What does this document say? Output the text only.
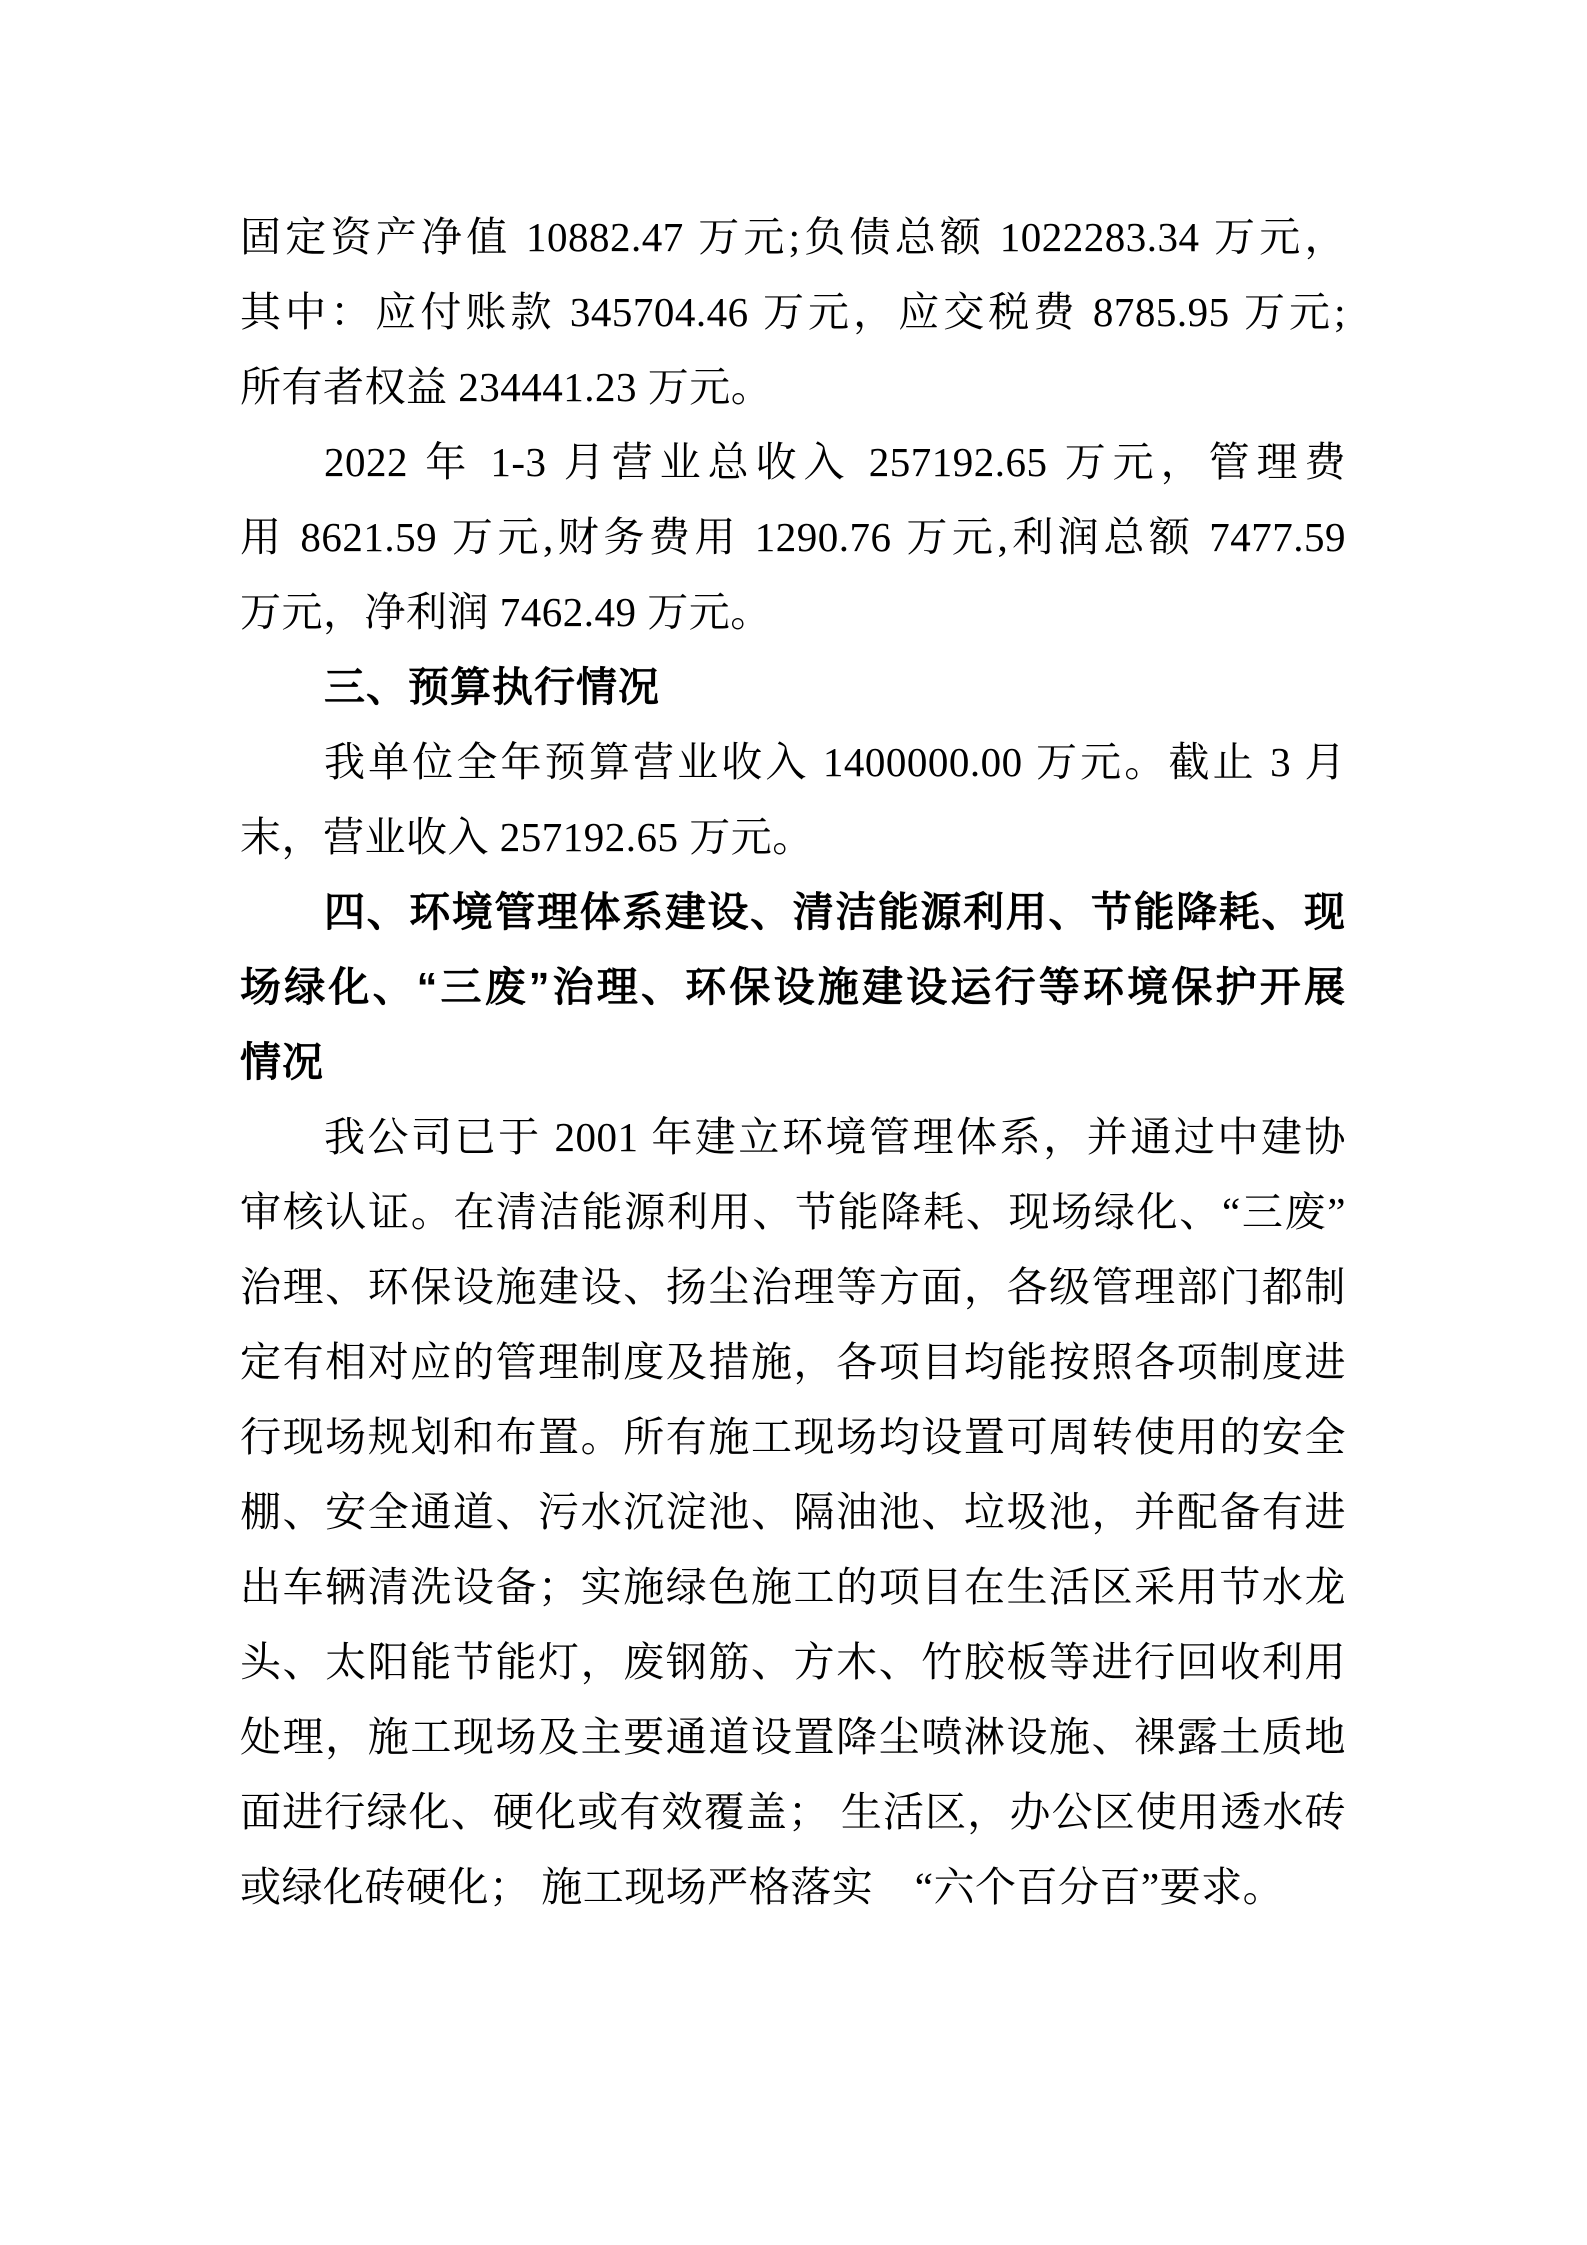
固定资产净值 10882.47 万元;负债总额 1022283.34 万元，
其中：应付账款 345704.46 万元，应交税费 8785.95 万元;
所有者权益 234441.23 万元。
2022 年 1-3 月营业总收入 257192.65 万元，管理费
用 8621.59 万元,财务费用 1290.76 万元,利润总额 7477.59
万元，净利润 7462.49 万元。
三、预算执行情况
我单位全年预算营业收入 1400000.00 万元。截止 3 月
末，营业收入 257192.65 万元。
四、环境管理体系建设、清洁能源利用、节能降耗、现
场绿化、“三废”治理、环保设施建设运行等环境保护开展
情况
我公司已于 2001 年建立环境管理体系，并通过中建协
审核认证。在清洁能源利用、节能降耗、现场绿化、“三废”
治理、环保设施建设、扬尘治理等方面，各级管理部门都制
定有相对应的管理制度及措施，各项目均能按照各项制度进
行现场规划和布置。所有施工现场均设置可周转使用的安全
棚、安全通道、污水沉淀池、隔油池、垃圾池，并配备有进
出车辆清洗设备；实施绿色施工的项目在生活区采用节水龙
头、太阳能节能灯，废钢筋、方木、竹胶板等进行回收利用
处理，施工现场及主要通道设置降尘喷淋设施、裸露土质地
面进行绿化、硬化或有效覆盖； 生活区，办公区使用透水砖
或绿化砖硬化； 施工现场严格落实　“六个百分百”要求。
